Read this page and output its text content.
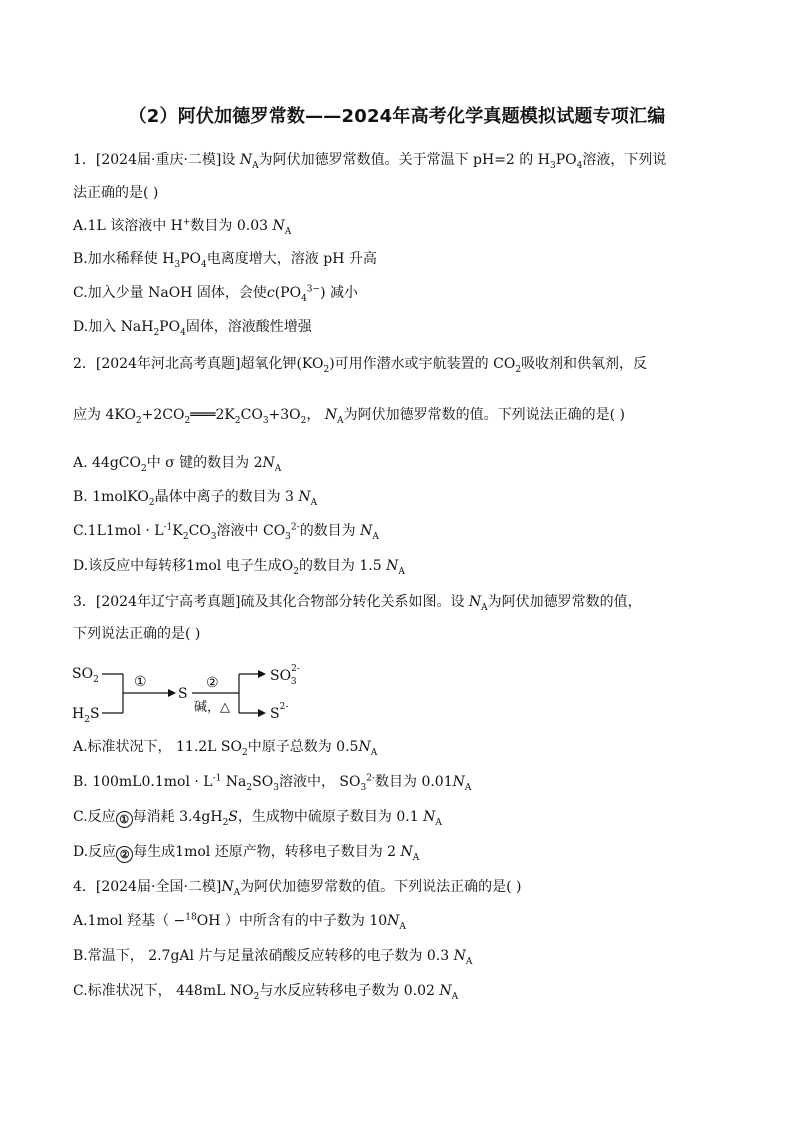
（2）阿伏加德罗常数——2024年高考化学真题模拟试题专项汇编
1．[2024届·重庆·二模]设 $N_A$为阿伏加德罗常数值。关于常温下 pH=2 的 $H_3PO_4$溶液，下列说
法正确的是( )
A.1L 该溶液中 H+数目为 0.03 $N_A$
B.加水稀释使 $H_3PO_4$电离度增大，溶液 pH 升高
C.加入少量 NaOH 固体，会使$c(PO_4^{3-})$ 减小
D.加入 $NaH_2PO_4$固体，溶液酸性增强
2．[2024年河北高考真题]超氧化钾$(KO_2)$可用作潜水或宇航装置的 $CO_2$吸收剂和供氧剂，反
应为 $4KO_2+2CO_2═══2K_2CO_3+3O_2$， $N_A$为阿伏加德罗常数的值。下列说法正确的是( )
A. 44gCO$_2$中 σ 键的数目为 $2N_A$
B. 1molKO$_2$晶体中离子的数目为 3 $N_A$
$C.1L1mol \cdot L^{-1}K_2CO_3$溶液中 $CO_3^{2-}$的数目为 $N_A$
D.该反应中每转移1mol 电子生成$O_2$的数目为 1.5 $N_A$
3．[2024年辽宁高考真题]硫及其化合物部分转化关系如图。设 $N_A$为阿伏加德罗常数的值，
下列说法正确的是( )
$SO_2$
$H_2S$
①
S
②
碱，△
$SO^{2-}3$
$S^{2-}$
A.标准状况下， 11.2L $SO_2$中原子总数为 $0.5N_A$
B. $100mL0.1mol \cdot L^{-1}$ $Na_2SO_3$溶液中， $SO_3^{2-}$数目为 $0.01N_A$
C.反应 ① 每消耗 $3.4gH_2S$，生成物中硫原子数目为 0.1 $N_A$
D.反应 ② 每生成1mol 还原产物，转移电子数目为 2 $N_A$
4．[2024届·全国·二模]$N_A$为阿伏加德罗常数的值。下列说法正确的是( )
A.1mol 羟基（ −$^{18}$OH ）中所含有的中子数为 $10N_A$
B.常温下， 2.7gAl 片与足量浓硝酸反应转移的电子数为 0.3 $N_A$
C.标准状况下， 448mL $NO_2$与水反应转移电子数为 0.02 $N_A$
